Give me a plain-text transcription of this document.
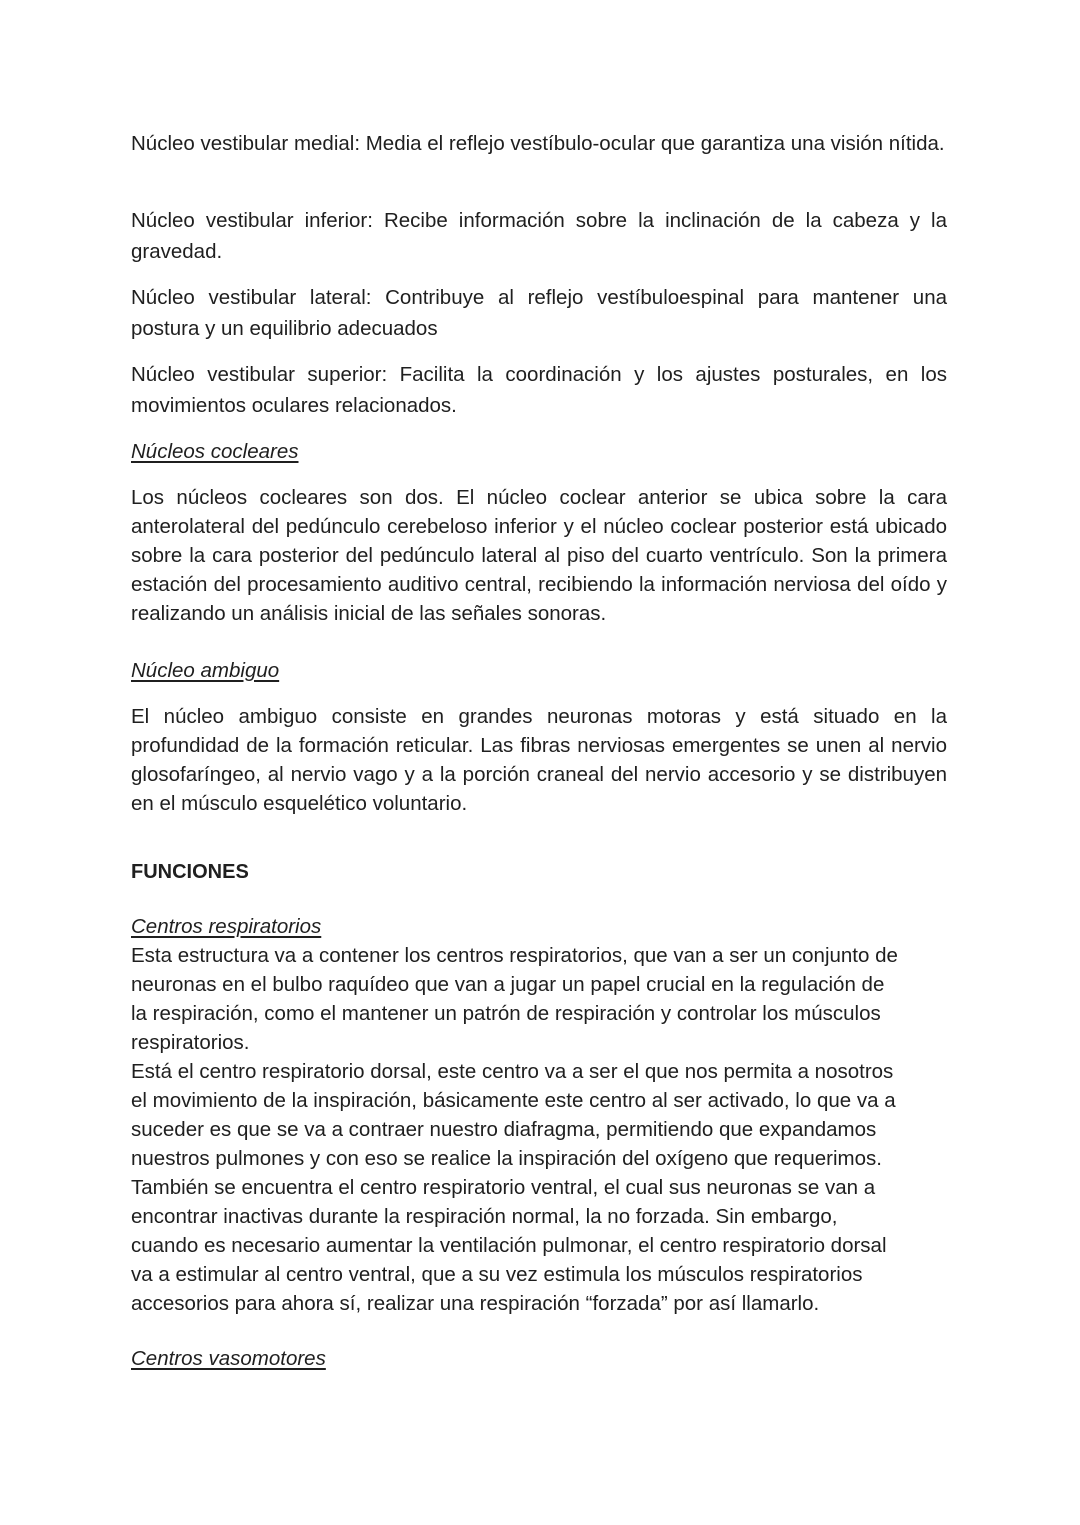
Núcleo vestibular medial: Media el reflejo vestíbulo-ocular que garantiza una visión nítida.

Núcleo vestibular inferior: Recibe información sobre la inclinación de la cabeza y la gravedad.

Núcleo vestibular lateral: Contribuye al reflejo vestíbuloespinal para mantener una postura y un equilibrio adecuados

Núcleo vestibular superior: Facilita la coordinación y los ajustes posturales, en los movimientos oculares relacionados.

Núcleos cocleares

Los núcleos cocleares son dos. El núcleo coclear anterior se ubica sobre la cara anterolateral del pedúnculo cerebeloso inferior y el núcleo coclear posterior está ubicado sobre la cara posterior del pedúnculo lateral al piso del cuarto ventrículo. Son la primera estación del procesamiento auditivo central, recibiendo la información nerviosa del oído y realizando un análisis inicial de las señales sonoras.

Núcleo ambiguo

El núcleo ambiguo consiste en grandes neuronas motoras y está situado en la profundidad de la formación reticular. Las fibras nerviosas emergentes se unen al nervio glosofaríngeo, al nervio vago y a la porción craneal del nervio accesorio y se distribuyen en el músculo esquelético voluntario.

FUNCIONES

Centros respiratorios

Esta estructura va a contener los centros respiratorios, que van a ser un conjunto de
neuronas en el bulbo raquídeo que van a jugar un papel crucial en la regulación de
la respiración, como el mantener un patrón de respiración y controlar los músculos
respiratorios.
Está el centro respiratorio dorsal, este centro va a ser el que nos permita a nosotros
el movimiento de la inspiración, básicamente este centro al ser activado, lo que va a
suceder es que se va a contraer nuestro diafragma, permitiendo que expandamos
nuestros pulmones y con eso se realice la inspiración del oxígeno que requerimos.
También se encuentra el centro respiratorio ventral, el cual sus neuronas se van a
encontrar inactivas durante la respiración normal, la no forzada. Sin embargo,
cuando es necesario aumentar la ventilación pulmonar, el centro respiratorio dorsal
va a estimular al centro ventral, que a su vez estimula los músculos respiratorios
accesorios para ahora sí, realizar una respiración “forzada” por así llamarlo.

Centros vasomotores
